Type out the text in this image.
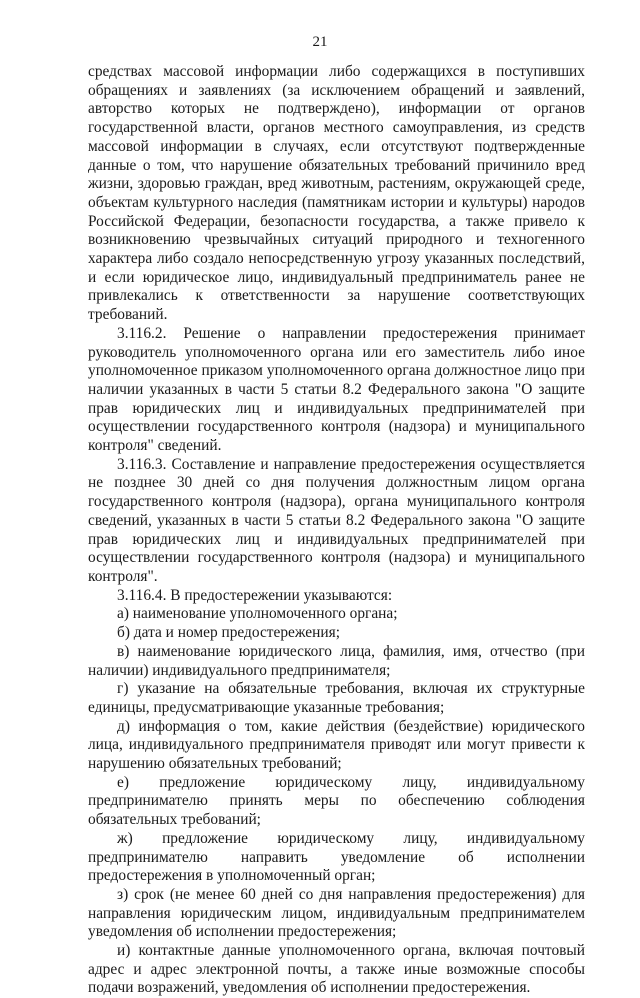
21

средствах массовой информации либо содержащихся в поступивших обращениях и заявлениях (за исключением обращений и заявлений, авторство которых не подтверждено), информации от органов государственной власти, органов местного самоуправления, из средств массовой информации в случаях, если отсутствуют подтвержденные данные о том, что нарушение обязательных требований причинило вред жизни, здоровью граждан, вред животным, растениям, окружающей среде, объектам культурного наследия (памятникам истории и культуры) народов Российской Федерации, безопасности государства, а также привело к возникновению чрезвычайных ситуаций природного и техногенного характера либо создало непосредственную угрозу указанных последствий, и если юридическое лицо, индивидуальный предприниматель ранее не привлекались к ответственности за нарушение соответствующих требований.

3.116.2. Решение о направлении предостережения принимает руководитель уполномоченного органа или его заместитель либо иное уполномоченное приказом уполномоченного органа должностное лицо при наличии указанных в части 5 статьи 8.2 Федерального закона "О защите прав юридических лиц и индивидуальных предпринимателей при осуществлении государственного контроля (надзора) и муниципального контроля" сведений.

3.116.3. Составление и направление предостережения осуществляется не позднее 30 дней со дня получения должностным лицом органа государственного контроля (надзора), органа муниципального контроля сведений, указанных в части 5 статьи 8.2 Федерального закона "О защите прав юридических лиц и индивидуальных предпринимателей при осуществлении государственного контроля (надзора) и муниципального контроля".

3.116.4. В предостережении указываются:

а) наименование уполномоченного органа;

б) дата и номер предостережения;

в) наименование юридического лица, фамилия, имя, отчество (при наличии) индивидуального предпринимателя;

г) указание на обязательные требования, включая их структурные единицы, предусматривающие указанные требования;

д) информация о том, какие действия (бездействие) юридического лица, индивидуального предпринимателя приводят или могут привести к нарушению обязательных требований;

е) предложение юридическому лицу, индивидуальному предпринимателю принять меры по обеспечению соблюдения обязательных требований;

ж) предложение юридическому лицу, индивидуальному предпринимателю направить уведомление об исполнении предостережения в уполномоченный орган;

з) срок (не менее 60 дней со дня направления предостережения) для направления юридическим лицом, индивидуальным предпринимателем уведомления об исполнении предостережения;

и) контактные данные уполномоченного органа, включая почтовый адрес и адрес электронной почты, а также иные возможные способы подачи возражений, уведомления об исполнении предостережения.
